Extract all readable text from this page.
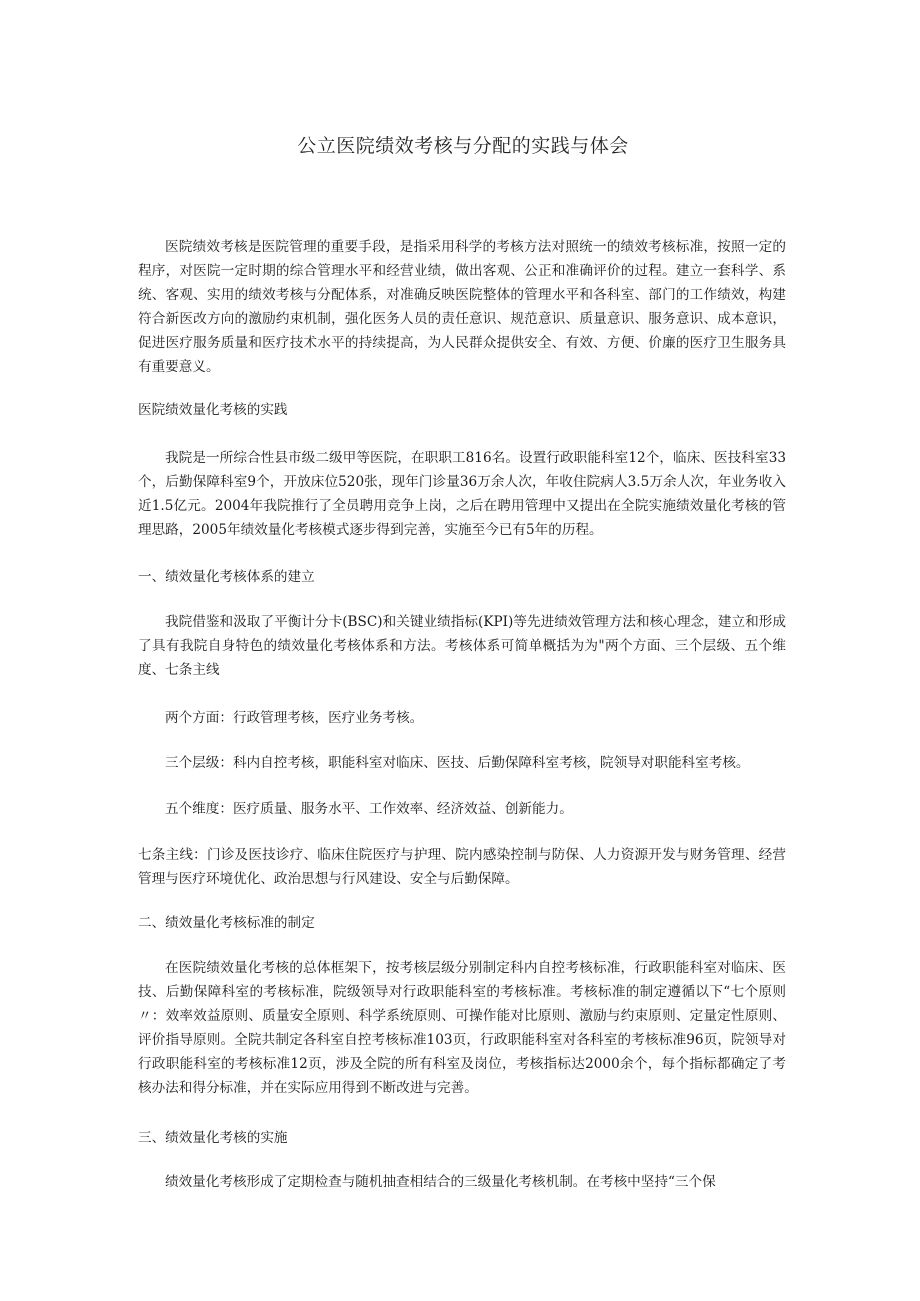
公立医院绩效考核与分配的实践与体会
医院绩效考核是医院管理的重要手段，是指采用科学的考核方法对照统一的绩效考核标准，按照一定的程序，对医院一定时期的综合管理水平和经营业绩，做出客观、公正和准确评价的过程。建立一套科学、系统、客观、实用的绩效考核与分配体系，对准确反映医院整体的管理水平和各科室、部门的工作绩效，构建符合新医改方向的激励约束机制，强化医务人员的责任意识、规范意识、质量意识、服务意识、成本意识，促进医疗服务质量和医疗技术水平的持续提高，为人民群众提供安全、有效、方便、价廉的医疗卫生服务具有重要意义。
医院绩效量化考核的实践
我院是一所综合性县市级二级甲等医院，在职职工816名。设置行政职能科室12个，临床、医技科室33个，后勤保障科室9个，开放床位520张，现年门诊量36万余人次，年收住院病人3.5万余人次，年业务收入近1.5亿元。2004年我院推行了全员聘用竞争上岗，之后在聘用管理中又提出在全院实施绩效量化考核的管理思路，2005年绩效量化考核模式逐步得到完善，实施至今已有5年的历程。
一、绩效量化考核体系的建立
我院借鉴和汲取了平衡计分卡(BSC)和关键业绩指标(KPI)等先进绩效管理方法和核心理念，建立和形成了具有我院自身特色的绩效量化考核体系和方法。考核体系可简单概括为为"两个方面、三个层级、五个维度、七条主线
两个方面：行政管理考核，医疗业务考核。
三个层级：科内自控考核，职能科室对临床、医技、后勤保障科室考核，院领导对职能科室考核。
五个维度：医疗质量、服务水平、工作效率、经济效益、创新能力。
七条主线：门诊及医技诊疗、临床住院医疗与护理、院内感染控制与防保、人力资源开发与财务管理、经营管理与医疗环境优化、政治思想与行风建设、安全与后勤保障。
二、绩效量化考核标准的制定
在医院绩效量化考核的总体框架下，按考核层级分别制定科内自控考核标准，行政职能科室对临床、医技、后勤保障科室的考核标准，院级领导对行政职能科室的考核标准。考核标准的制定遵循以下“七个原则〃：效率效益原则、质量安全原则、科学系统原则、可操作能对比原则、激励与约束原则、定量定性原则、评价指导原则。全院共制定各科室自控考核标准103页，行政职能科室对各科室的考核标准96页，院领导对行政职能科室的考核标准12页，涉及全院的所有科室及岗位，考核指标达2000余个，每个指标都确定了考核办法和得分标准，并在实际应用得到不断改进与完善。
三、绩效量化考核的实施
绩效量化考核形成了定期检查与随机抽查相结合的三级量化考核机制。在考核中坚持“三个保
